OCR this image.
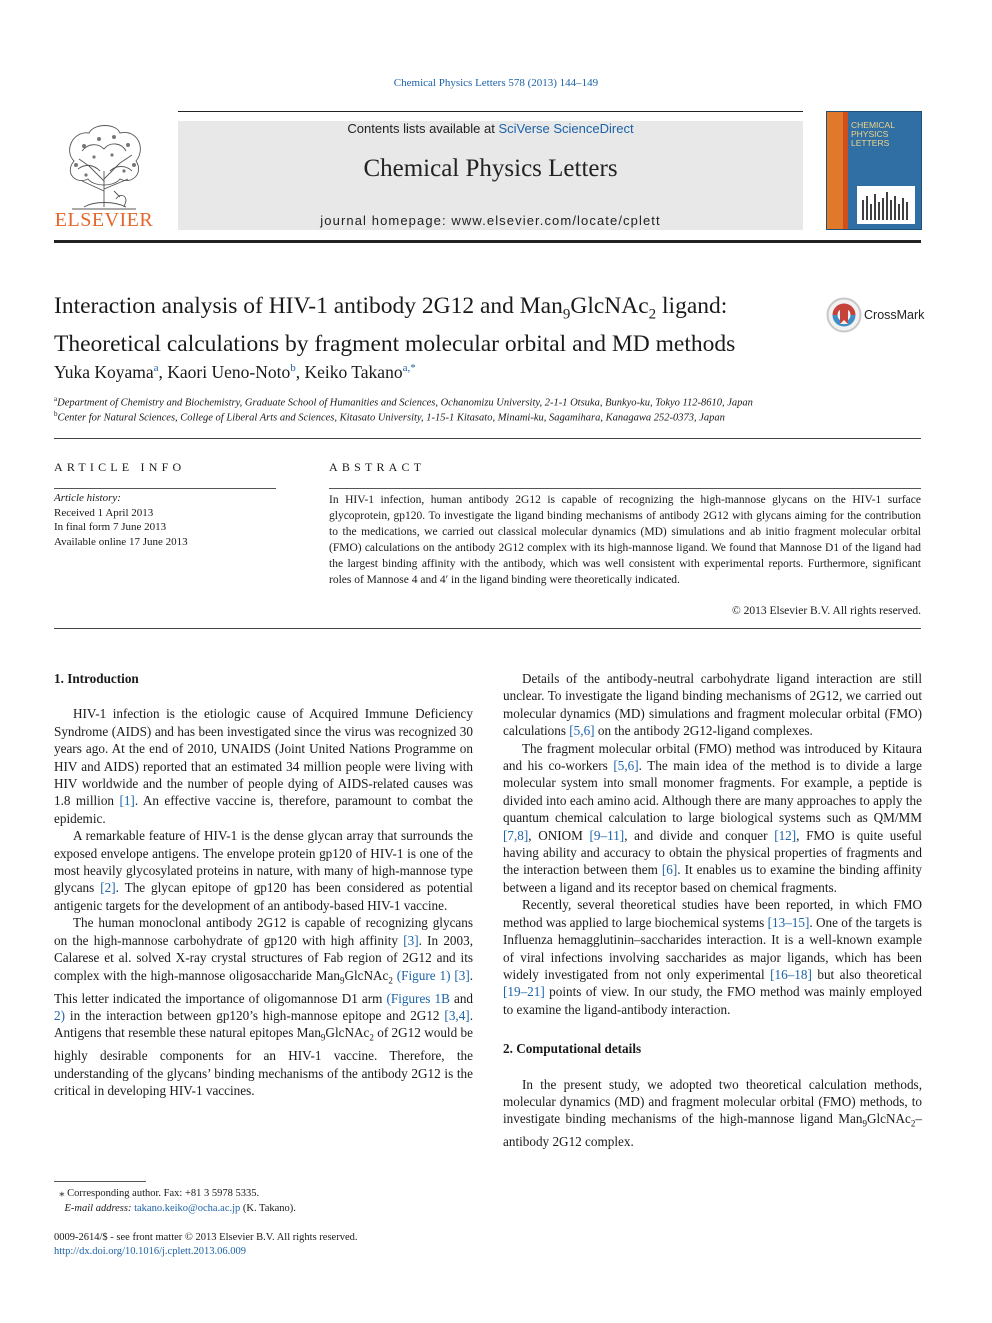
Chemical Physics Letters 578 (2013) 144–149
ELSEVIER
Contents lists available at SciVerse ScienceDirect
Chemical Physics Letters
journal homepage: www.elsevier.com/locate/cplett
CHEMICAL
PHYSICS
LETTERS
Interaction analysis of HIV-1 antibody 2G12 and Man$_9$GlcNAc$_2$ ligand:
Theoretical calculations by fragment molecular orbital and MD methods
CrossMark
Yuka Koyama$^a$, Kaori Ueno-Noto$^b$, Keiko Takano$^{a,*}$
$^a$Department of Chemistry and Biochemistry, Graduate School of Humanities and Sciences, Ochanomizu University, 2-1-1 Otsuka, Bunkyo-ku, Tokyo 112-8610, Japan
$^b$Center for Natural Sciences, College of Liberal Arts and Sciences, Kitasato University, 1-15-1 Kitasato, Minami-ku, Sagamihara, Kanagawa 252-0373, Japan
ARTICLE INFO
Article history:
Received 1 April 2013
In final form 7 June 2013
Available online 17 June 2013
ABSTRACT
In HIV-1 infection, human antibody 2G12 is capable of recognizing the high-mannose glycans on the HIV-1 surface glycoprotein, gp120. To investigate the ligand binding mechanisms of antibody 2G12 with glycans aiming for the contribution to the medications, we carried out classical molecular dynamics (MD) simulations and ab initio fragment molecular orbital (FMO) calculations on the antibody 2G12 complex with its high-mannose ligand. We found that Mannose D1 of the ligand had the largest binding affinity with the antibody, which was well consistent with experimental reports. Furthermore, significant roles of Mannose 4 and 4′ in the ligand binding were theoretically indicated.
© 2013 Elsevier B.V. All rights reserved.
1. Introduction

HIV-1 infection is the etiologic cause of Acquired Immune Deficiency Syndrome (AIDS) and has been investigated since the virus was recognized 30 years ago. At the end of 2010, UNAIDS (Joint United Nations Programme on HIV and AIDS) reported that an estimated 34 million people were living with HIV worldwide and the number of people dying of AIDS-related causes was 1.8 million [1]. An effective vaccine is, therefore, paramount to combat the epidemic.

A remarkable feature of HIV-1 is the dense glycan array that surrounds the exposed envelope antigens. The envelope protein gp120 of HIV-1 is one of the most heavily glycosylated proteins in nature, with many of high-mannose type glycans [2]. The glycan epitope of gp120 has been considered as potential antigenic targets for the development of an antibody-based HIV-1 vaccine.

The human monoclonal antibody 2G12 is capable of recognizing glycans on the high-mannose carbohydrate of gp120 with high affinity [3]. In 2003, Calarese et al. solved X-ray crystal structures of Fab region of 2G12 and its complex with the high-mannose oligosaccharide Man$_9$GlcNAc$_2$ (Figure 1) [3]. This letter indicated the importance of oligomannose D1 arm (Figures 1B and 2) in the interaction between gp120’s high-mannose epitope and 2G12 [3,4]. Antigens that resemble these natural epitopes Man$_9$GlcNAc$_2$ of 2G12 would be highly desirable components for an HIV-1 vaccine. Therefore, the understanding of the glycans’ binding mechanisms of the antibody 2G12 is the critical in developing HIV-1 vaccines.

Details of the antibody-neutral carbohydrate ligand interaction are still unclear. To investigate the ligand binding mechanisms of 2G12, we carried out molecular dynamics (MD) simulations and fragment molecular orbital (FMO) calculations [5,6] on the antibody 2G12-ligand complexes.

The fragment molecular orbital (FMO) method was introduced by Kitaura and his co-workers [5,6]. The main idea of the method is to divide a large molecular system into small monomer fragments. For example, a peptide is divided into each amino acid. Although there are many approaches to apply the quantum chemical calculation to large biological systems such as QM/MM [7,8], ONIOM [9–11], and divide and conquer [12], FMO is quite useful having ability and accuracy to obtain the physical properties of fragments and the interaction between them [6]. It enables us to examine the binding affinity between a ligand and its receptor based on chemical fragments.

Recently, several theoretical studies have been reported, in which FMO method was applied to large biochemical systems [13–15]. One of the targets is Influenza hemagglutinin–saccharides interaction. It is a well-known example of viral infections involving saccharides as major ligands, which has been widely investigated from not only experimental [16–18] but also theoretical [19–21] points of view. In our study, the FMO method was mainly employed to examine the ligand-antibody interaction.

2. Computational details

In the present study, we adopted two theoretical calculation methods, molecular dynamics (MD) and fragment molecular orbital (FMO) methods, to investigate binding mechanisms of the high-mannose ligand Man$_9$GlcNAc$_2$–antibody 2G12 complex.

⁎ Corresponding author. Fax: +81 3 5978 5335.
E-mail address: takano.keiko@ocha.ac.jp (K. Takano).
0009-2614/$ - see front matter © 2013 Elsevier B.V. All rights reserved.
http://dx.doi.org/10.1016/j.cplett.2013.06.009
